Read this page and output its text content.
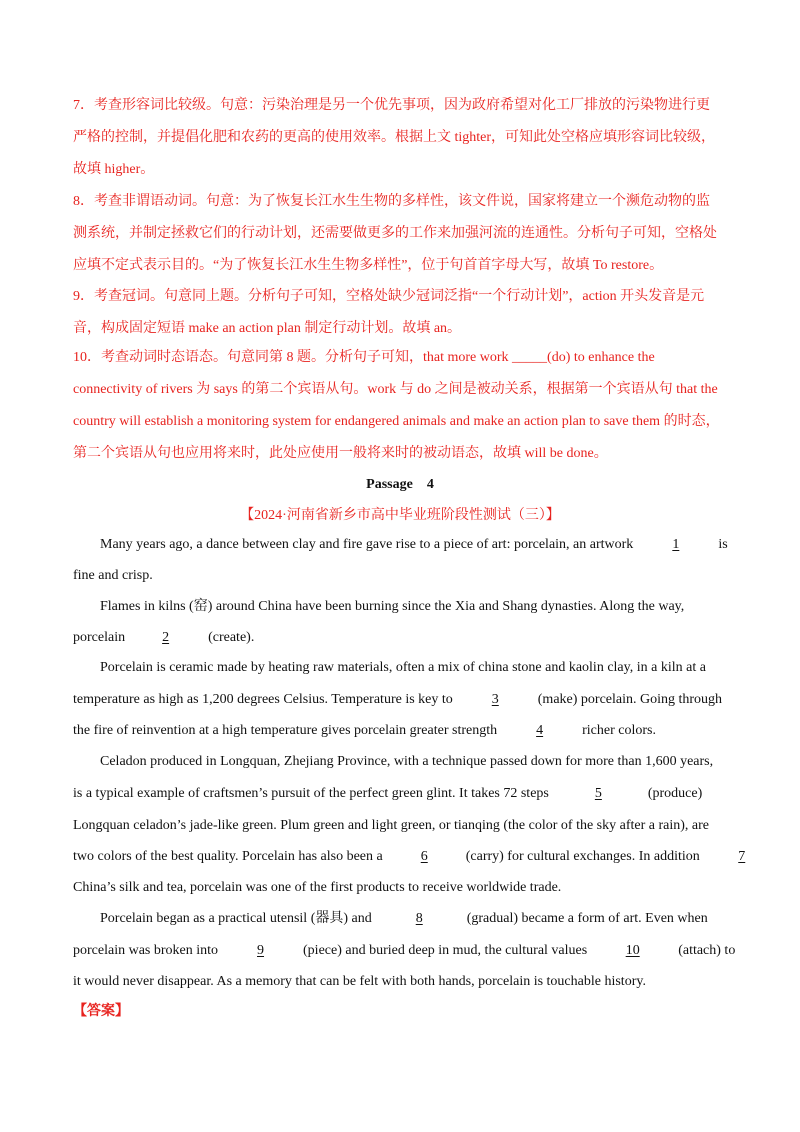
7．考查形容词比较级。句意：污染治理是另一个优先事项，因为政府希望对化工厂排放的污染物进行更
严格的控制，并提倡化肥和农药的更高的使用效率。根据上文 tighter，可知此处空格应填形容词比较级，
故填 higher。
8．考查非谓语动词。句意：为了恢复长江水生生物的多样性，该文件说，国家将建立一个濒危动物的监
测系统，并制定拯救它们的行动计划，还需要做更多的工作来加强河流的连通性。分析句子可知，空格处
应填不定式表示目的。“为了恢复长江水生生物多样性”，位于句首首字母大写，故填 To restore。
9．考查冠词。句意同上题。分析句子可知，空格处缺少冠词泛指“一个行动计划”，action 开头发音是元
音，构成固定短语 make an action plan 制定行动计划。故填 an。
10．考查动词时态语态。句意同第 8 题。分析句子可知，that more work _____(do) to enhance the
connectivity of rivers 为 says 的第二个宾语从句。work 与 do 之间是被动关系，根据第一个宾语从句 that the
country will establish a monitoring system for endangered animals and make an action plan to save them 的时态，
第二个宾语从句也应用将来时，此处应使用一般将来时的被动语态，故填 will be done。
Passage　4
【2024·河南省新乡市高中毕业班阶段性测试（三）】
Many years ago, a dance between clay and fire gave rise to a piece of art: porcelain, an artwork	1	is
fine and crisp.
Flames in kilns (窑) around China have been burning since the Xia and Shang dynasties. Along the way,
porcelain	2	(create).
Porcelain is ceramic made by heating raw materials, often a mix of china stone and kaolin clay, in a kiln at a
temperature as high as 1,200 degrees Celsius. Temperature is key to	3	(make) porcelain. Going through
the fire of reinvention at a high temperature gives porcelain greater strength	4	richer colors.
Celadon produced in Longquan, Zhejiang Province, with a technique passed down for more than 1,600 years,
is a typical example of craftsmen’s pursuit of the perfect green glint. It takes 72 steps	5	(produce)
Longquan celadon’s jade-like green. Plum green and light green, or tianqing (the color of the sky after a rain), are
two colors of the best quality. Porcelain has also been a	6	(carry) for cultural exchanges. In addition	7
China’s silk and tea, porcelain was one of the first products to receive worldwide trade.
Porcelain began as a practical utensil (器具) and	8	(gradual) became a form of art. Even when
porcelain was broken into	9	(piece) and buried deep in mud, the cultural values	10	(attach) to
it would never disappear. As a memory that can be felt with both hands, porcelain is touchable history.
【答案】
